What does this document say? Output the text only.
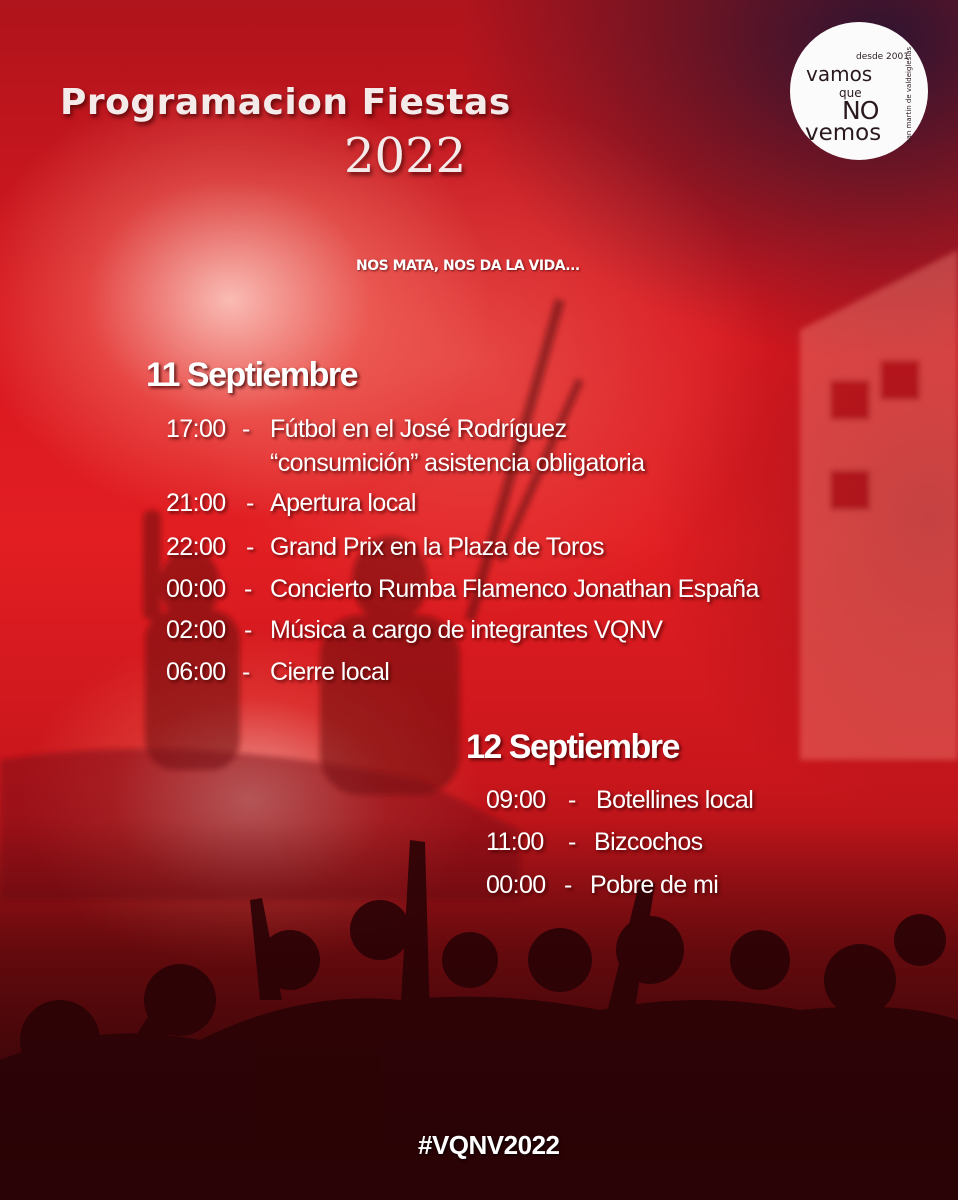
Programacion Fiestas
2022
desde 2001
vamos
que
NO
vemos	san martin de valdeiglesias
NOS MATA, NOS DA LA VIDA...
11 Septiembre
17:00 - Fútbol en el José Rodríguez
“consumición” asistencia obligatoria
21:00 - Apertura local
22:00 - Grand Prix en la Plaza de Toros
00:00 - Concierto Rumba Flamenco Jonathan España
02:00 - Música a cargo de integrantes VQNV
06:00 - Cierre local
12 Septiembre
09:00 - Botellines local
11:00 - Bizcochos
00:00 - Pobre de mi
#VQNV2022
